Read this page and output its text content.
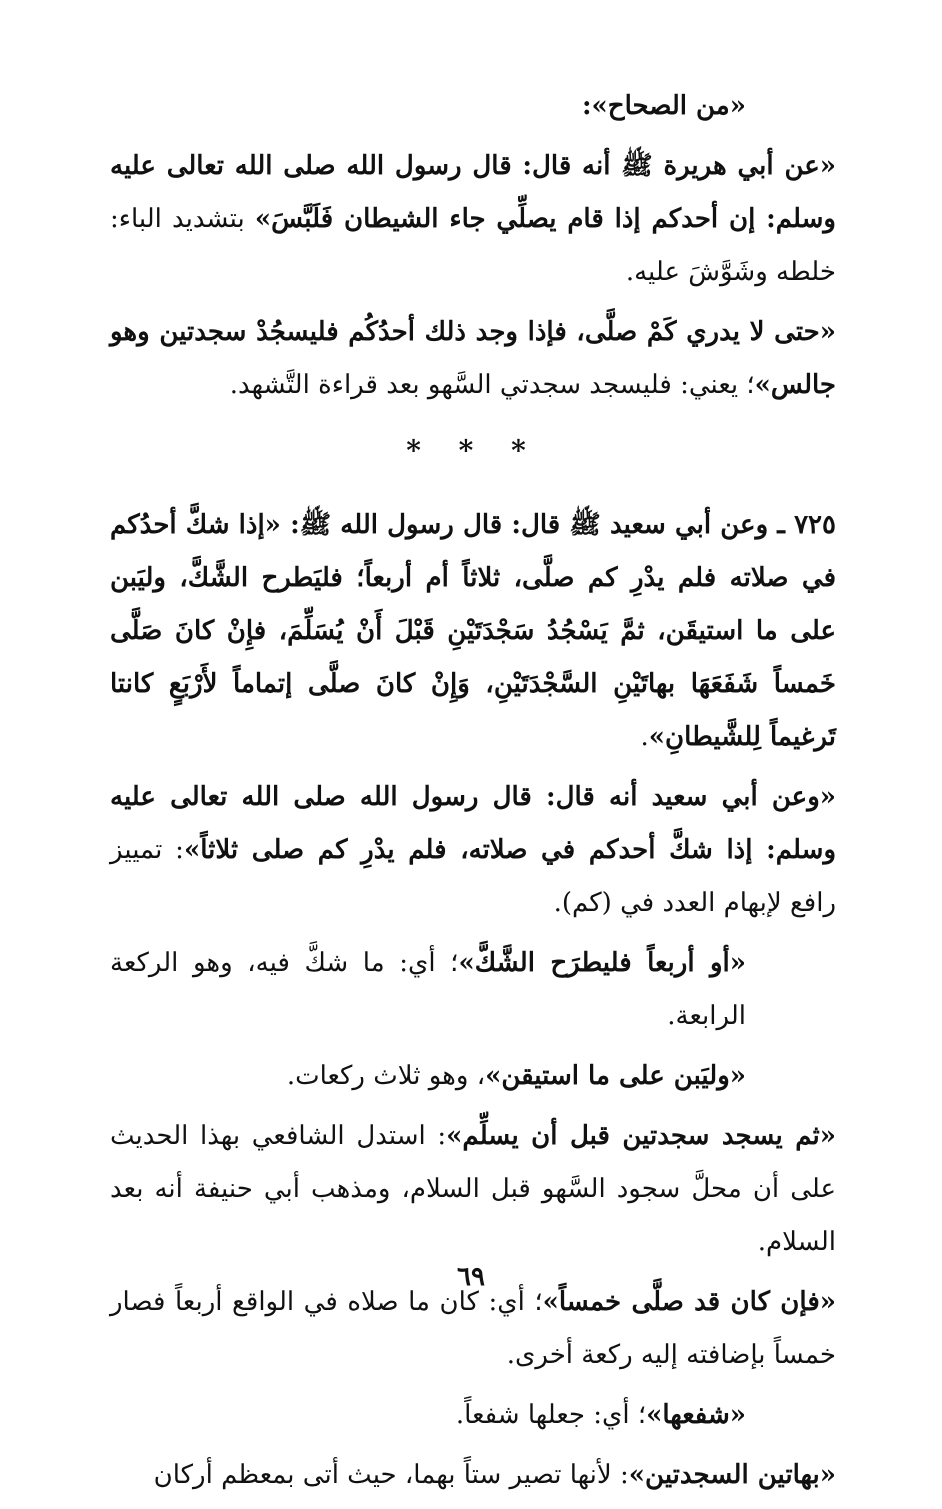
«من الصحاح»:

«عن أبي هريرة ﷺ أنه قال: قال رسول الله صلى الله تعالى عليه وسلم: إن أحدكم إذا قام يصلِّي جاء الشيطان فَلَبَّسَ» بتشديد الباء: خلطه وشَوَّشَ عليه.

«حتى لا يدري كَمْ صلَّى، فإذا وجد ذلك أحدُكُم فليسجُدْ سجدتين وهو جالس»؛ يعني: فليسجد سجدتي السَّهو بعد قراءة التَّشهد.

* * *

٧٢٥ ـ وعن أبي سعيد ﷺ قال: قال رسول الله ﷺ: «إذا شكَّ أحدُكم في صلاته فلم يدْرِ كم صلَّى، ثلاثاً أم أربعاً؛ فليَطرح الشَّكَّ، وليَبن على ما استيقَن، ثمَّ يَسْجُدُ سَجْدَتَيْنِ قَبْلَ أَنْ يُسَلِّمَ، فإِنْ كانَ صَلَّى خَمساً شَفَعَهَا بهاتَيْنِ السَّجْدَتَيْنِ، وَإِنْ كانَ صلَّى إتماماً لأَرْبَعٍ كانتا تَرغيماً لِلشَّيطانِ».

«وعن أبي سعيد أنه قال: قال رسول الله صلى الله تعالى عليه وسلم: إذا شكَّ أحدكم في صلاته، فلم يدْرِ كم صلى ثلاثاً»: تمييز رافع لإبهام العدد في (كم).

«أو أربعاً فليطرَح الشَّكَّ»؛ أي: ما شكَّ فيه، وهو الركعة الرابعة.

«وليَبن على ما استيقن»، وهو ثلاث ركعات.

«ثم يسجد سجدتين قبل أن يسلِّم»: استدل الشافعي بهذا الحديث على أن محلَّ سجود السَّهو قبل السلام، ومذهب أبي حنيفة أنه بعد السلام.

«فإن كان قد صلَّى خمساً»؛ أي: كان ما صلاه في الواقع أربعاً فصار خمساً بإضافته إليه ركعة أخرى.

«شفعها»؛ أي: جعلها شفعاً.

«بهاتين السجدتين»: لأنها تصير ستاً بهما، حيث أتى بمعظم أركان

٦٩
